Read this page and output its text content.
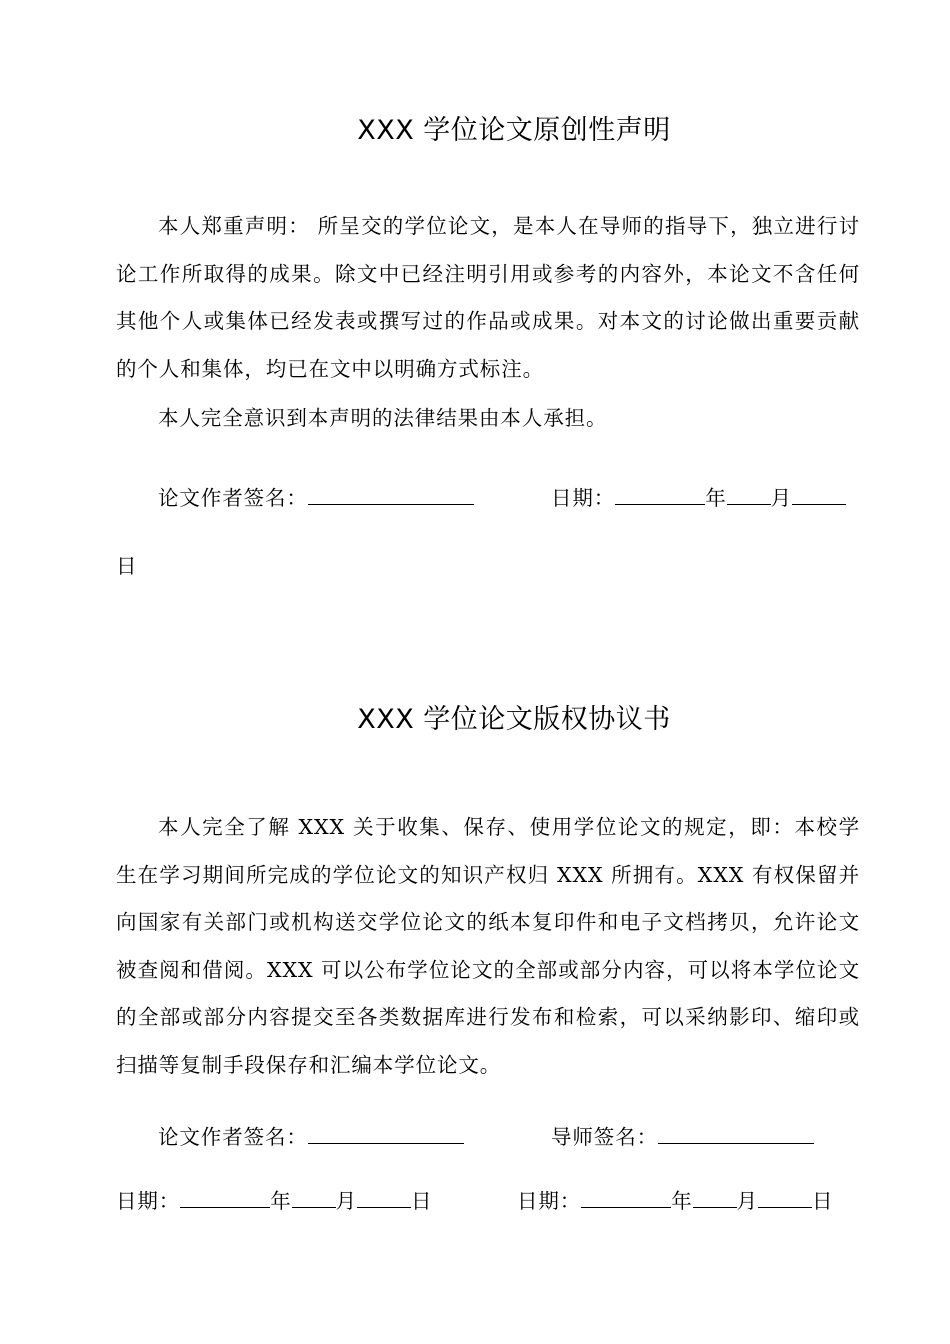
XXX 学位论文原创性声明

本人郑重声明： 所呈交的学位论文，是本人在导师的指导下，独立进行讨论工作所取得的成果。除文中已经注明引用或参考的内容外，本论文不含任何其他个人或集体已经发表或撰写过的作品或成果。对本文的讨论做出重要贡献的个人和集体，均已在文中以明确方式标注。

本人完全意识到本声明的法律结果由本人承担。

论文作者签名：	日期：	年 月
日
XXX 学位论文版权协议书

本人完全了解 XXX 关于收集、保存、使用学位论文的规定，即：本校学生在学习期间所完成的学位论文的知识产权归 XXX 所拥有。XXX 有权保留并向国家有关部门或机构送交学位论文的纸本复印件和电子文档拷贝，允许论文被查阅和借阅。XXX 可以公布学位论文的全部或部分内容，可以将本学位论文的全部或部分内容提交至各类数据库进行发布和检索，可以采纳影印、缩印或扫描等复制手段保存和汇编本学位论文。

论文作者签名：	导师签名：
日期：	年 月	日	日期：	年 月	日
